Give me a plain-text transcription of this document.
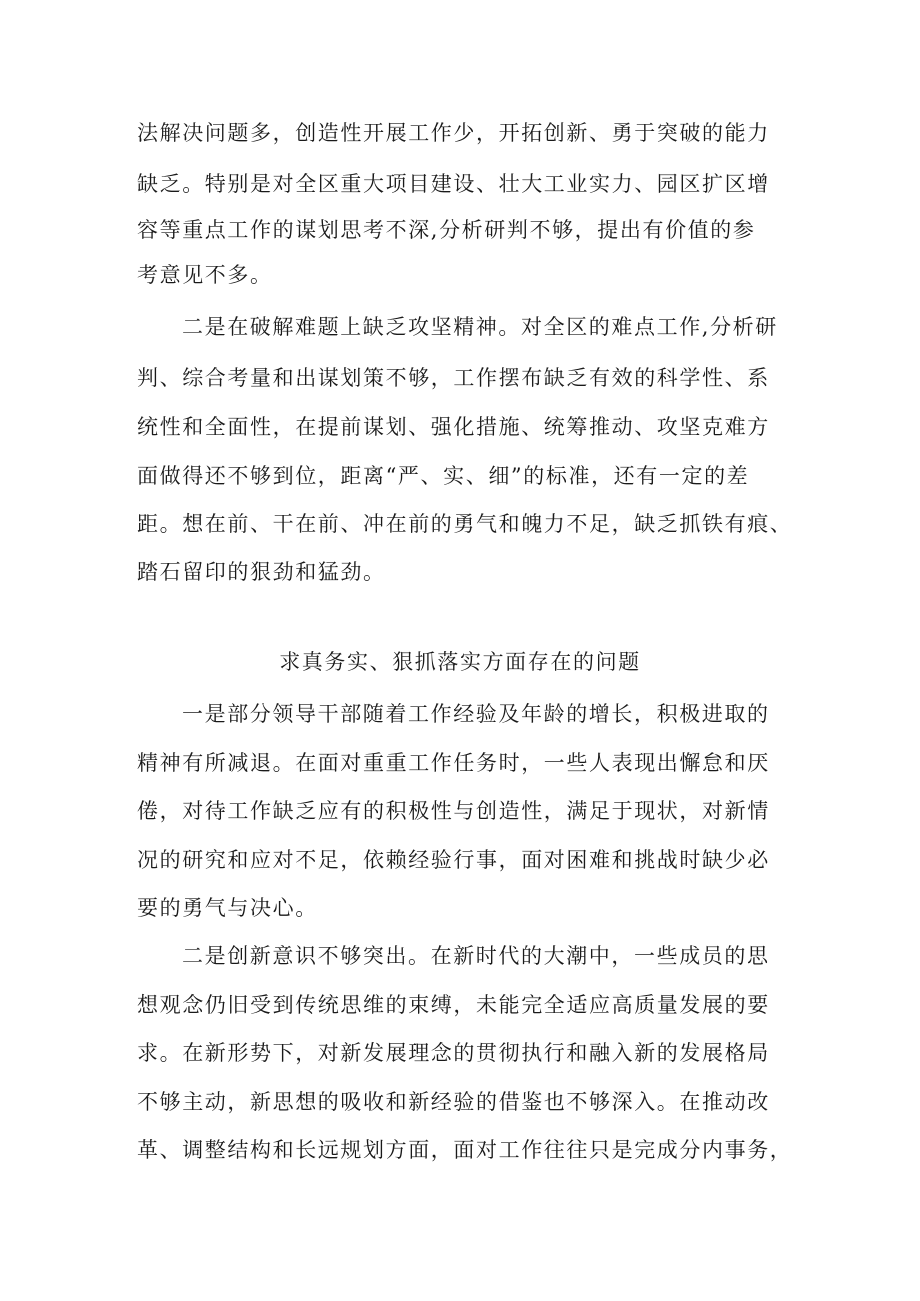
法解决问题多，创造性开展工作少，开拓创新、勇于突破的能力
缺乏。特别是对全区重大项目建设、壮大工业实力、园区扩区增
容等重点工作的谋划思考不深,分析研判不够，提出有价值的参
考意见不多。
二是在破解难题上缺乏攻坚精神。对全区的难点工作,分析研
判、综合考量和出谋划策不够，工作摆布缺乏有效的科学性、系
统性和全面性，在提前谋划、强化措施、统筹推动、攻坚克难方
面做得还不够到位，距离“严、实、细”的标准，还有一定的差
距。想在前、干在前、冲在前的勇气和魄力不足，缺乏抓铁有痕、
踏石留印的狠劲和猛劲。
求真务实、狠抓落实方面存在的问题
一是部分领导干部随着工作经验及年龄的增长，积极进取的
精神有所减退。在面对重重工作任务时，一些人表现出懈怠和厌
倦，对待工作缺乏应有的积极性与创造性，满足于现状，对新情
况的研究和应对不足，依赖经验行事，面对困难和挑战时缺少必
要的勇气与决心。
二是创新意识不够突出。在新时代的大潮中，一些成员的思
想观念仍旧受到传统思维的束缚，未能完全适应高质量发展的要
求。在新形势下，对新发展理念的贯彻执行和融入新的发展格局
不够主动，新思想的吸收和新经验的借鉴也不够深入。在推动改
革、调整结构和长远规划方面，面对工作往往只是完成分内事务，
